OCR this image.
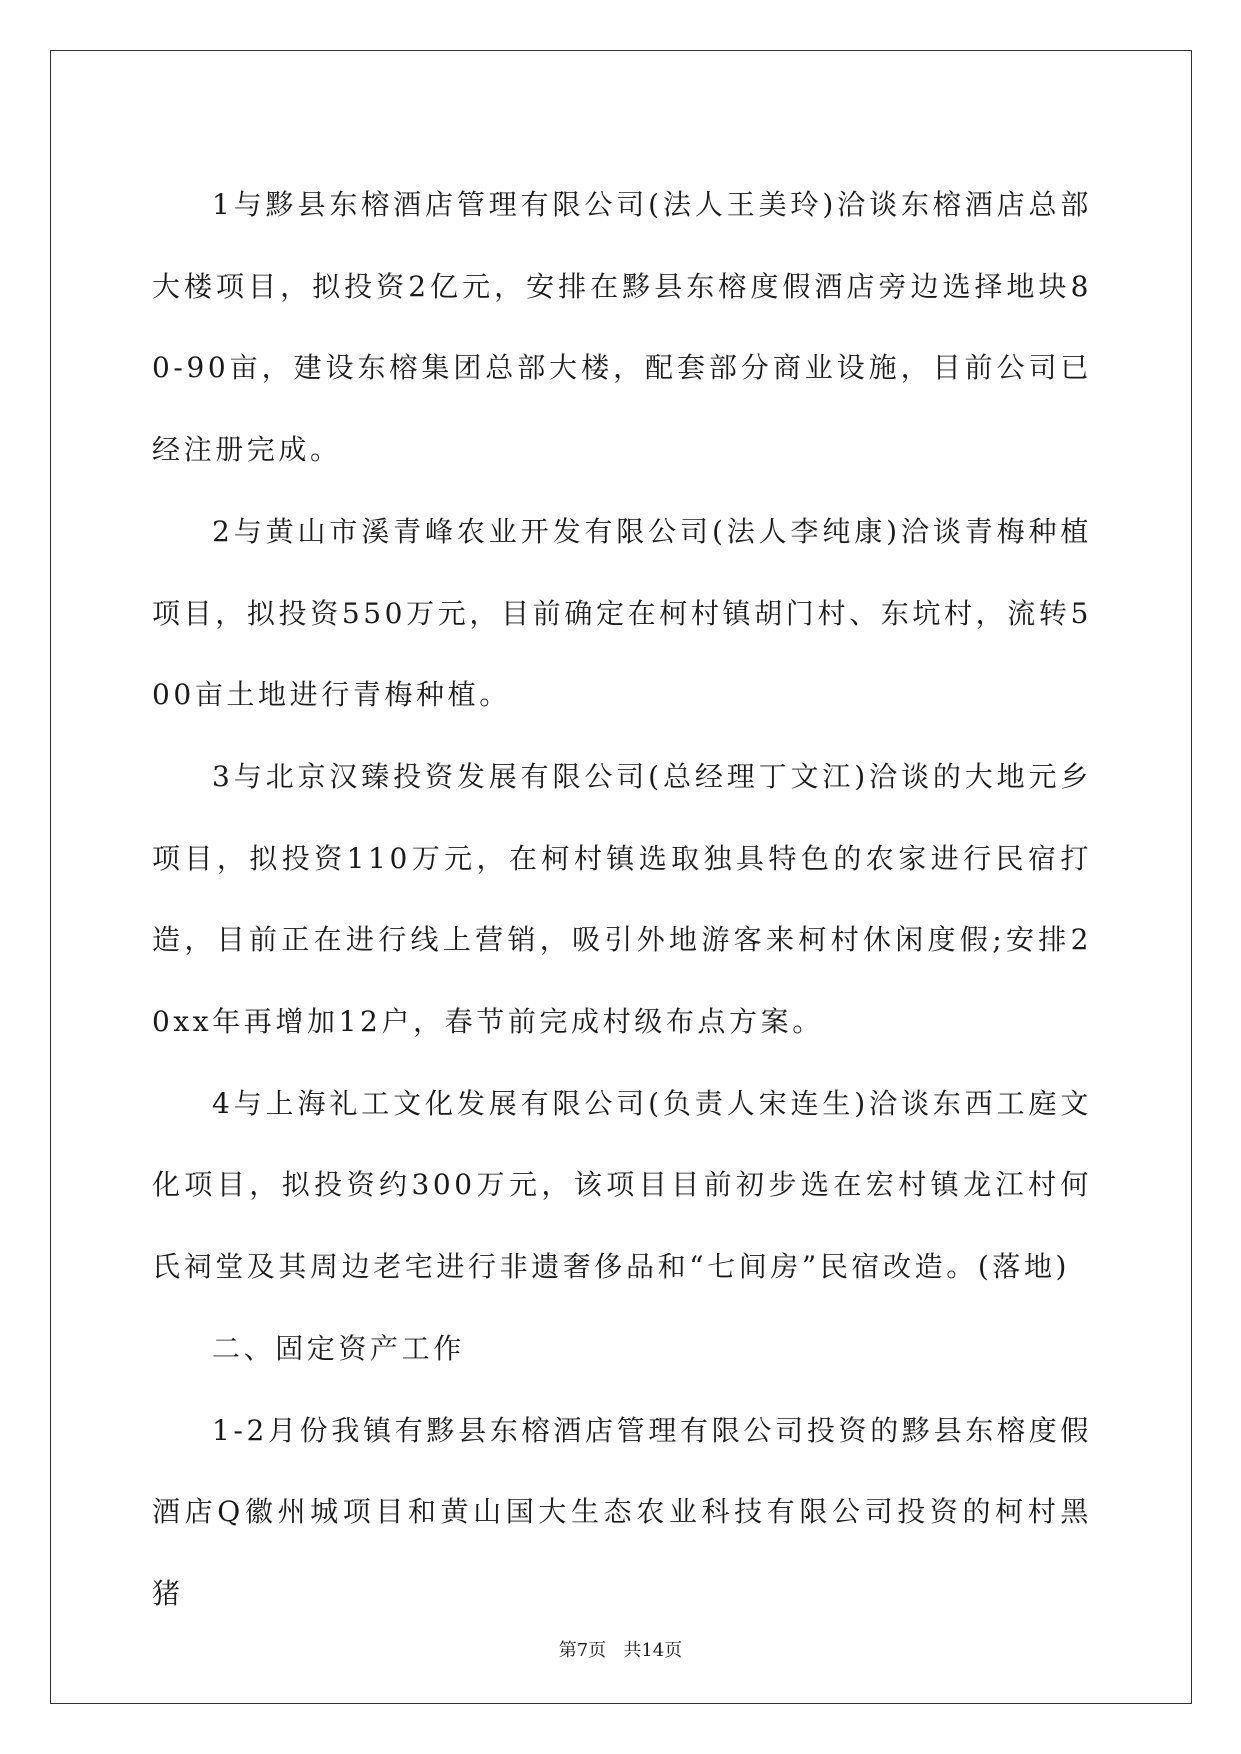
1与黟县东榕酒店管理有限公司(法人王美玲)洽谈东榕酒店总部大楼项目，拟投资2亿元，安排在黟县东榕度假酒店旁边选择地块80-90亩，建设东榕集团总部大楼，配套部分商业设施，目前公司已经注册完成。

2与黄山市溪青峰农业开发有限公司(法人李纯康)洽谈青梅种植项目，拟投资550万元，目前确定在柯村镇胡门村、东坑村，流转500亩土地进行青梅种植。

3与北京汉臻投资发展有限公司(总经理丁文江)洽谈的大地元乡项目，拟投资110万元，在柯村镇选取独具特色的农家进行民宿打造，目前正在进行线上营销，吸引外地游客来柯村休闲度假;安排20xx年再增加12户，春节前完成村级布点方案。

4与上海礼工文化发展有限公司(负责人宋连生)洽谈东西工庭文化项目，拟投资约300万元，该项目目前初步选在宏村镇龙江村何氏祠堂及其周边老宅进行非遗奢侈品和“七间房”民宿改造。(落地)

二、固定资产工作

1-2月份我镇有黟县东榕酒店管理有限公司投资的黟县东榕度假酒店Q徽州城项目和黄山国大生态农业科技有限公司投资的柯村黑猪

第7页   共14页
